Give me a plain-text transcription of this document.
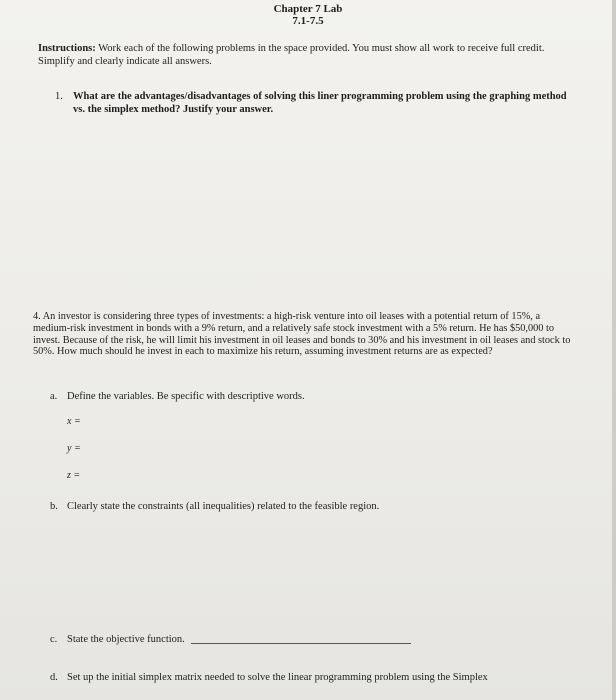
Chapter 7 Lab
7.1-7.5
Instructions: Work each of the following problems in the space provided. You must show all work to receive full credit. Simplify and clearly indicate all answers.
1. What are the advantages/disadvantages of solving this liner programming problem using the graphing method vs. the simplex method? Justify your answer.
4. An investor is considering three types of investments: a high-risk venture into oil leases with a potential return of 15%, a medium-risk investment in bonds with a 9% return, and a relatively safe stock investment with a 5% return. He has $50,000 to invest. Because of the risk, he will limit his investment in oil leases and bonds to 30% and his investment in oil leases and stock to 50%. How much should he invest in each to maximize his return, assuming investment returns are as expected?
a. Define the variables. Be specific with descriptive words.
x =
y =
z =
b. Clearly state the constraints (all inequalities) related to the feasible region.
c. State the objective function.
d. Set up the initial simplex matrix needed to solve the linear programming problem using the Simplex
